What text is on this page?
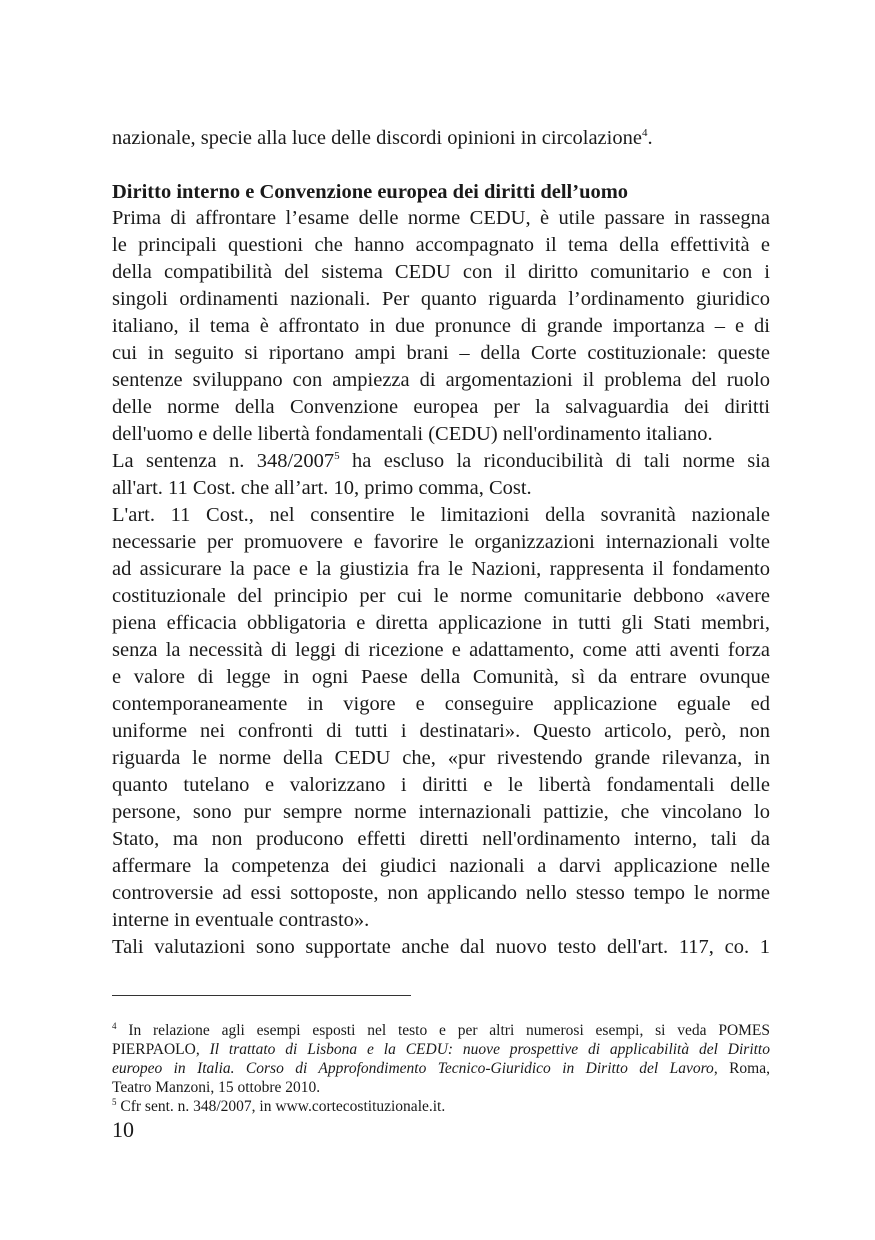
nazionale, specie alla luce delle discordi opinioni in circolazione$^4$.
Diritto interno e Convenzione europea dei diritti dell’uomo
Prima di affrontare l’esame delle norme CEDU, è utile passare in rassegna
le principali questioni che hanno accompagnato il tema della effettività e
della compatibilità del sistema CEDU con il diritto comunitario e con i
singoli ordinamenti nazionali. Per quanto riguarda l’ordinamento giuridico
italiano, il tema è affrontato in due pronunce di grande importanza – e di
cui in seguito si riportano ampi brani – della Corte costituzionale: queste
sentenze sviluppano con ampiezza di argomentazioni il problema del ruolo
delle norme della Convenzione europea per la salvaguardia dei diritti
dell'uomo e delle libertà fondamentali (CEDU) nell'ordinamento italiano.
La sentenza n. 348/2007$^5$ ha escluso la riconducibilità di tali norme sia
all'art. 11 Cost. che all’art. 10, primo comma, Cost.
L'art. 11 Cost., nel consentire le limitazioni della sovranità nazionale
necessarie per promuovere e favorire le organizzazioni internazionali volte
ad assicurare la pace e la giustizia fra le Nazioni, rappresenta il fondamento
costituzionale del principio per cui le norme comunitarie debbono «avere
piena efficacia obbligatoria e diretta applicazione in tutti gli Stati membri,
senza la necessità di leggi di ricezione e adattamento, come atti aventi forza
e valore di legge in ogni Paese della Comunità, sì da entrare ovunque
contemporaneamente in vigore e conseguire applicazione eguale ed
uniforme nei confronti di tutti i destinatari». Questo articolo, però, non
riguarda le norme della CEDU che, «pur rivestendo grande rilevanza, in
quanto tutelano e valorizzano i diritti e le libertà fondamentali delle
persone, sono pur sempre norme internazionali pattizie, che vincolano lo
Stato, ma non producono effetti diretti nell'ordinamento interno, tali da
affermare la competenza dei giudici nazionali a darvi applicazione nelle
controversie ad essi sottoposte, non applicando nello stesso tempo le norme
interne in eventuale contrasto».
Tali valutazioni sono supportate anche dal nuovo testo dell'art. 117, co. 1
$^4$ In relazione agli esempi esposti nel testo e per altri numerosi esempi, si veda POMES
PIERPAOLO, Il trattato di Lisbona e la CEDU: nuove prospettive di applicabilità del Diritto
europeo in Italia. Corso di Approfondimento Tecnico-Giuridico in Diritto del Lavoro, Roma,
Teatro Manzoni, 15 ottobre 2010.
$^5$ Cfr sent. n. 348/2007, in www.cortecostituzionale.it.
10
